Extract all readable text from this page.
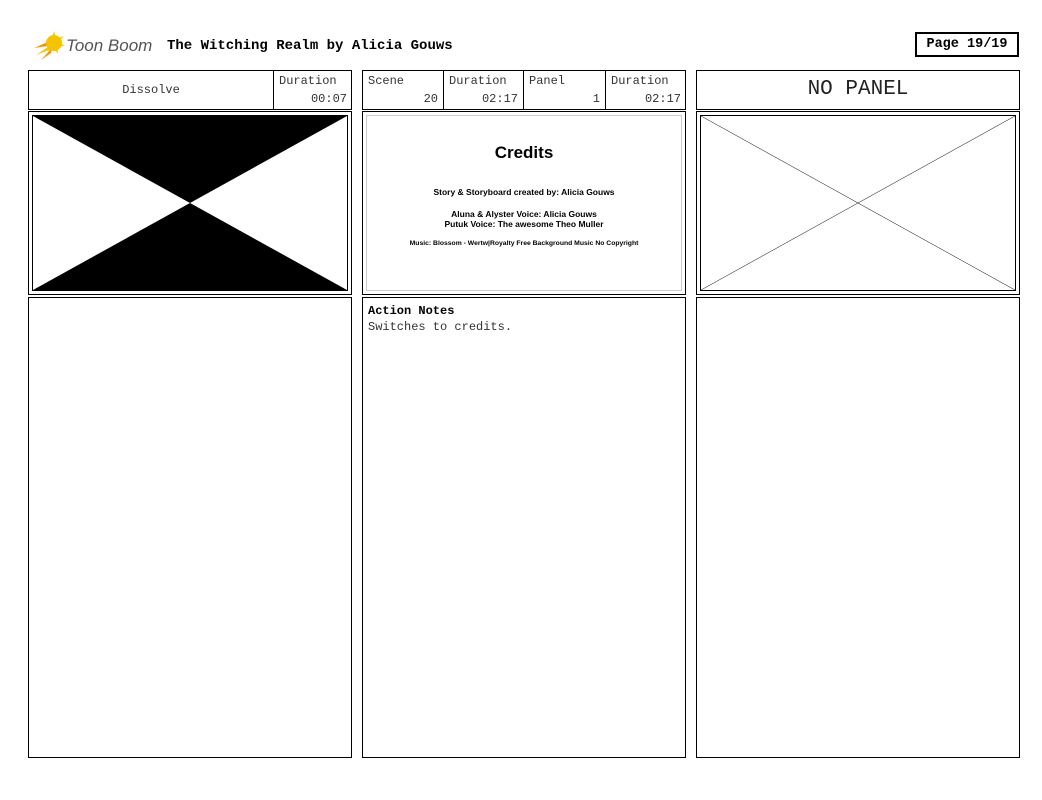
Toon Boom The Witching Realm by Alicia Gouws	Page 19/19
Dissolve
Duration
00:07
Scene
20
Duration
02:17
Panel
1
Duration
02:17	NO PANEL
Credits
Story & Storyboard created by: Alicia Gouws
Aluna & Alyster Voice: Alicia Gouws
Putuk Voice: The awesome Theo Muller
Music: Blossom - Wertw|Royalty Free Background Music No Copyright
Action Notes
Switches to credits.
